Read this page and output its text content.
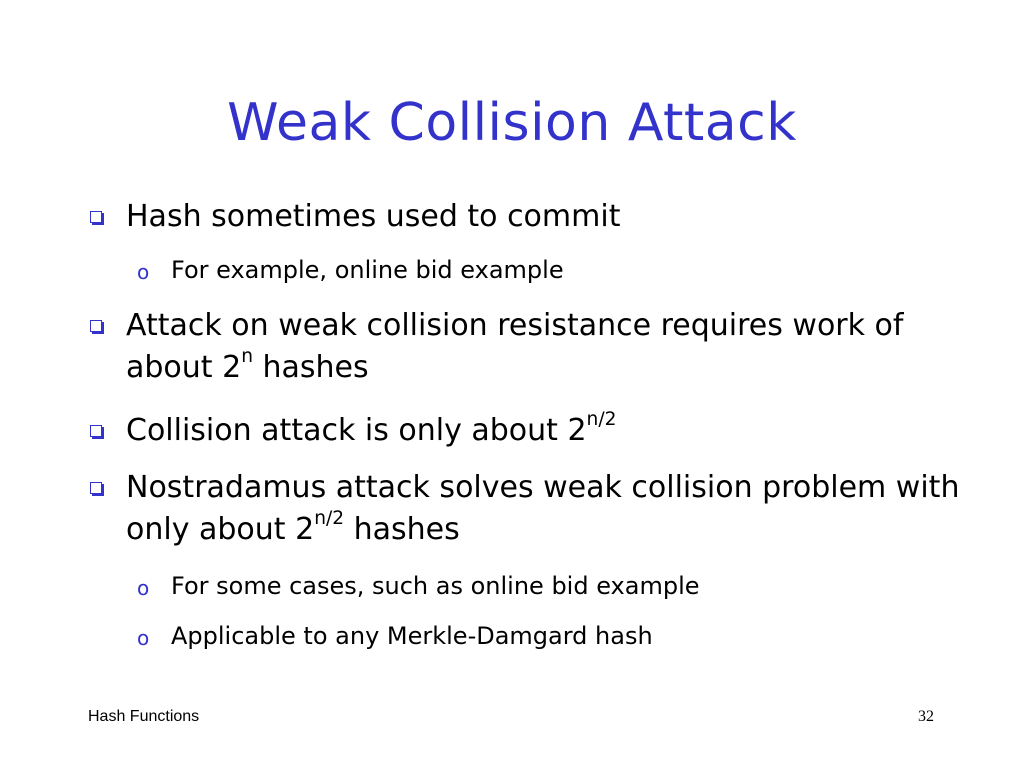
Weak Collision Attack
Hash sometimes used to commit
o For example, online bid example
Attack on weak collision resistance requires work of about 2$^n$ hashes
Collision attack is only about $2^{n/2}$
Nostradamus attack solves weak collision problem with only about $2^{n/2}$ hashes
o For some cases, such as online bid example
o Applicable to any Merkle-Damgard hash
Hash Functions	32
